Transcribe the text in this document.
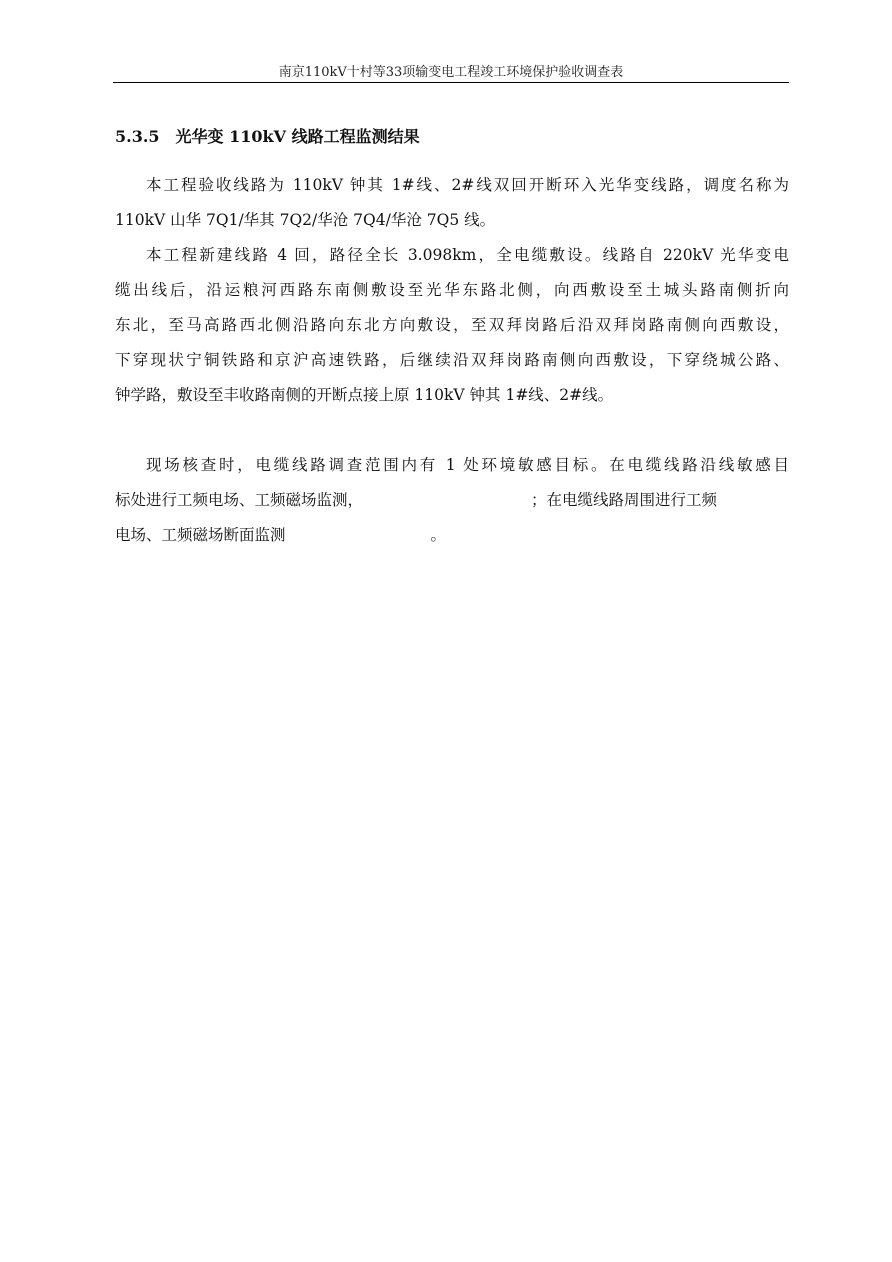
南京110kV十村等33项输变电工程竣工环境保护验收调查表
5.3.5 光华变 110kV 线路工程监测结果
本工程验收线路为 110kV 钟其 1#线、2#线双回开断环入光华变线路，调度名称为
110kV 山华 7Q1/华其 7Q2/华沧 7Q4/华沧 7Q5 线。
本工程新建线路 4 回，路径全长 3.098km，全电缆敷设。线路自 220kV 光华变电
缆出线后，沿运粮河西路东南侧敷设至光华东路北侧，向西敷设至土城头路南侧折向
东北，至马高路西北侧沿路向东北方向敷设，至双拜岗路后沿双拜岗路南侧向西敷设，
下穿现状宁铜铁路和京沪高速铁路，后继续沿双拜岗路南侧向西敷设，下穿绕城公路、
钟学路，敷设至丰收路南侧的开断点接上原 110kV 钟其 1#线、2#线。
现场核查时，电缆线路调查范围内有 1 处环境敏感目标。在电缆线路沿线敏感目
标处进行工频电场、工频磁场监测，	；在电缆线路周围进行工频
电场、工频磁场断面监测	。
